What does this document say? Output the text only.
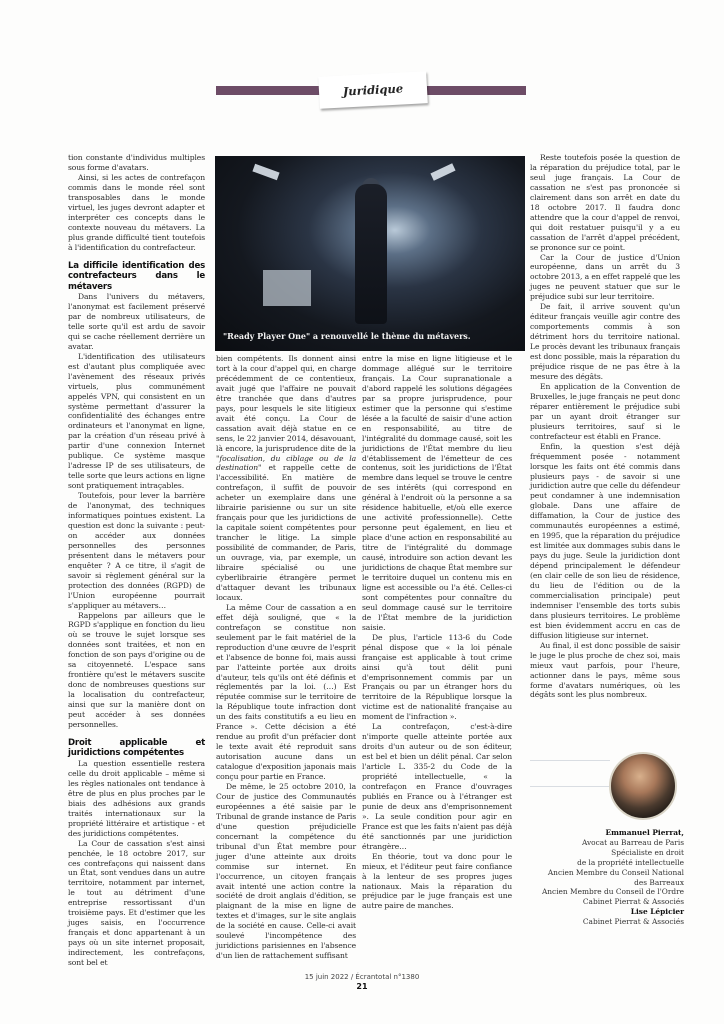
Juridique

tion constante d'individus multiples sous forme d'avatars.

Ainsi, si les actes de contrefaçon commis dans le monde réel sont transposables dans le monde virtuel, les juges devront adapter et interpréter ces concepts dans le contexte nouveau du métavers. La plus grande difficulté tient toutefois à l'identification du contrefacteur.

La difficile identification des contrefacteurs dans le métavers

Dans l'univers du métavers, l'anonymat est facilement préservé par de nombreux utilisateurs, de telle sorte qu'il est ardu de savoir qui se cache réellement derrière un avatar.

L'identification des utilisateurs est d'autant plus compliquée avec l'avènement des réseaux privés virtuels, plus communément appelés VPN, qui consistent en un système permettant d'assurer la confidentialité des échanges entre ordinateurs et l'anonymat en ligne, par la création d'un réseau privé à partir d'une connexion Internet publique. Ce système masque l'adresse IP de ses utilisateurs, de telle sorte que leurs actions en ligne sont pratiquement intraçables.

Toutefois, pour lever la barrière de l'anonymat, des techniques informatiques pointues existent. La question est donc la suivante : peut-on accéder aux données personnelles des personnes présentent dans le métavers pour enquêter ? A ce titre, il s'agit de savoir si règlement général sur la protection des données (RGPD) de l'Union européenne pourrait s'appliquer au métavers…

Rappelons par ailleurs que le RGPD s'applique en fonction du lieu où se trouve le sujet lorsque ses données sont traitées, et non en fonction de son pays d'origine ou de sa citoyenneté. L'espace sans frontière qu'est le métavers suscite donc de nombreuses questions sur la localisation du contrefacteur, ainsi que sur la manière dont on peut accéder à ses données personnelles.

Droit applicable et juridictions compétentes

La question essentielle restera celle du droit applicable – même si les règles nationales ont tendance à être de plus en plus proches par le biais des adhésions aux grands traités internationaux sur la propriété littéraire et artistique - et des juridictions compétentes.

La Cour de cassation s'est ainsi penchée, le 18 octobre 2017, sur ces contrefaçons qui naissent dans un État, sont vendues dans un autre territoire, notamment par internet, le tout au détriment d'une entreprise ressortissant d'un troisième pays. Et d'estimer que les juges saisis, en l'occurrence français et donc appartenant à un pays où un site internet proposait, indirectement, les contrefaçons, sont bel et

"Ready Player One" a renouvellé le thème du métavers.

bien compétents. Ils donnent ainsi tort à la cour d'appel qui, en charge précédemment de ce contentieux, avait jugé que l'affaire ne pouvait être tranchée que dans d'autres pays, pour lesquels le site litigieux avait été conçu. La Cour de cassation avait déjà statue en ce sens, le 22 janvier 2014, désavouant, là encore, la jurisprudence dite de la "focalisation, du ciblage ou de la destination" et rappelle cette de l'accessibilité. En matière de contrefaçon, il suffit de pouvoir acheter un exemplaire dans une librairie parisienne ou sur un site français pour que les juridictions de la capitale soient compétentes pour trancher le litige. La simple possibilité de commander, de Paris, un ouvrage, via, par exemple, un libraire spécialisé ou une cyberlibrairie étrangère permet d'attaquer devant les tribunaux locaux.

La même Cour de cassation a en effet déjà souligné, que « la contrefaçon se constitue non seulement par le fait matériel de la reproduction d'une œuvre de l'esprit et l'absence de bonne foi, mais aussi par l'atteinte portée aux droits d'auteur, tels qu'ils ont été définis et réglementés par la loi. (…) Est réputée commise sur le territoire de la République toute infraction dont un des faits constitutifs a eu lieu en France ». Cette décision a été rendue au profit d'un préfacier dont le texte avait été reproduit sans autorisation aucune dans un catalogue d'exposition japonais mais conçu pour partie en France.

De même, le 25 octobre 2010, la Cour de justice des Communautés européennes a été saisie par le Tribunal de grande instance de Paris d'une question préjudicielle concernant la compétence du tribunal d'un État membre pour juger d'une atteinte aux droits commise sur internet. En l'occurrence, un citoyen français avait intenté une action contre la société de droit anglais d'édition, se plaignant de la mise en ligne de textes et d'images, sur le site anglais de la société en cause. Celle-ci avait soulevé l'incompétence des juridictions parisiennes en l'absence d'un lien de rattachement suffisant

entre la mise en ligne litigieuse et le dommage allégué sur le territoire français. La Cour supranationale a d'abord rappelé les solutions dégagées par sa propre jurisprudence, pour estimer que la personne qui s'estime lésée a la faculté de saisir d'une action en responsabilité, au titre de l'intégralité du dommage causé, soit les juridictions de l'État membre du lieu d'établissement de l'émetteur de ces contenus, soit les juridictions de l'État membre dans lequel se trouve le centre de ses intérêts (qui correspond en général à l'endroit où la personne a sa résidence habituelle, et/où elle exerce une activité professionnelle). Cette personne peut également, en lieu et place d'une action en responsabilité au titre de l'intégralité du dommage causé, introduire son action devant les juridictions de chaque État membre sur le territoire duquel un contenu mis en ligne est accessible ou l'a été. Celles-ci sont compétentes pour connaître du seul dommage causé sur le territoire de l'État membre de la juridiction saisie.

De plus, l'article 113-6 du Code pénal dispose que « la loi pénale française est applicable à tout crime ainsi qu'à tout délit puni d'emprisonnement commis par un Français ou par un étranger hors du territoire de la République lorsque la victime est de nationalité française au moment de l'infraction ».

La contrefaçon, c'est-à-dire n'importe quelle atteinte portée aux droits d'un auteur ou de son éditeur, est bel et bien un délit pénal. Car selon l'article L. 335-2 du Code de la propriété intellectuelle, « la contrefaçon en France d'ouvrages publiés en France ou à l'étranger est punie de deux ans d'emprisonnement ». La seule condition pour agir en France est que les faits n'aient pas déjà été sanctionnés par une juridiction étrangère…

En théorie, tout va donc pour le mieux, et l'éditeur peut faire confiance à la lenteur de ses propres juges nationaux. Mais la réparation du préjudice par le juge français est une autre paire de manches.

Reste toutefois posée la question de la réparation du préjudice total, par le seul juge français. La Cour de cassation ne s'est pas prononcée si clairement dans son arrêt en date du 18 octobre 2017. Il faudra donc attendre que la cour d'appel de renvoi, qui doit restatuer puisqu'il y a eu cassation de l'arrêt d'appel précédent, se prononce sur ce point.

Car la Cour de justice d'Union européenne, dans un arrêt du 3 octobre 2013, a en effet rappelé que les juges ne peuvent statuer que sur le préjudice subi sur leur territoire.

De fait, il arrive souvent qu'un éditeur français veuille agir contre des comportements commis à son détriment hors du territoire national. Le procès devant les tribunaux français est donc possible, mais la réparation du préjudice risque de ne pas être à la mesure des dégâts.

En application de la Convention de Bruxelles, le juge français ne peut donc réparer entièrement le préjudice subi par un ayant droit étranger sur plusieurs territoires, sauf si le contrefacteur est établi en France.

Enfin, la question s'est déjà fréquemment posée - notamment lorsque les faits ont été commis dans plusieurs pays - de savoir si une juridiction autre que celle du défendeur peut condamner à une indemnisation globale. Dans une affaire de diffamation, la Cour de justice des communautés européennes a estimé, en 1995, que la réparation du préjudice est limitée aux dommages subis dans le pays du juge. Seule la juridiction dont dépend principalement le défendeur (en clair celle de son lieu de résidence, du lieu de l'édition ou de la commercialisation principale) peut indemniser l'ensemble des torts subis dans plusieurs territoires. Le problème est bien évidemment accru en cas de diffusion litigieuse sur internet.

Au final, il est donc possible de saisir le juge le plus proche de chez soi, mais mieux vaut parfois, pour l'heure, actionner dans le pays, même sous forme d'avatars numériques, où les dégâts sont les plus nombreux.

Emmanuel Pierrat,
Avocat au Barreau de Paris
Spécialiste en droit
de la propriété intellectuelle
Ancien Membre du Conseil National
des Barreaux
Ancien Membre du Conseil de l'Ordre
Cabinet Pierrat & Associés
Lise Lépicier
Cabinet Pierrat & Associés
15 juin 2022 / Écrantotal n°1380
21
